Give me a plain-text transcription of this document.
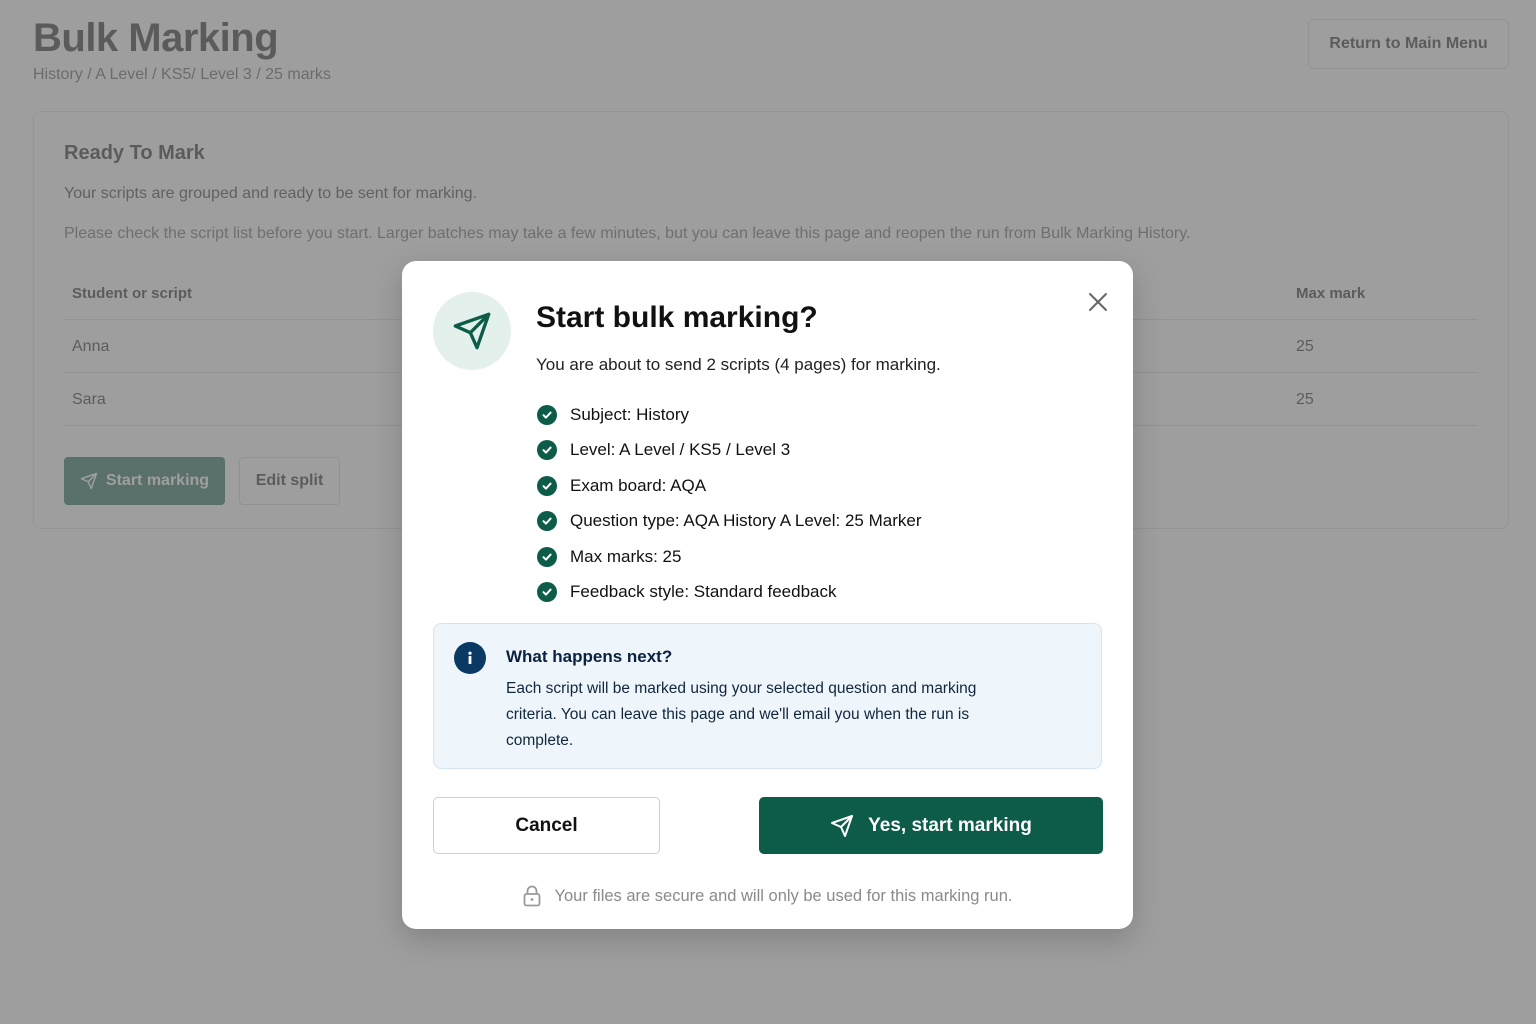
Start bulk marking?
You are about to send 2 scripts (4 pages) for marking.
Subject: History
Level: A Level / KS5 / Level 3
Exam board: AQA
Question type: AQA History A Level: 25 Marker
Max marks: 25
Feedback style: Standard feedback
What happens next?
Each script will be marked using your selected question and marking criteria. You can leave this page and we'll email you when the run is complete.
Cancel	Yes, start marking
Your files are secure and will only be used for this marking run.
